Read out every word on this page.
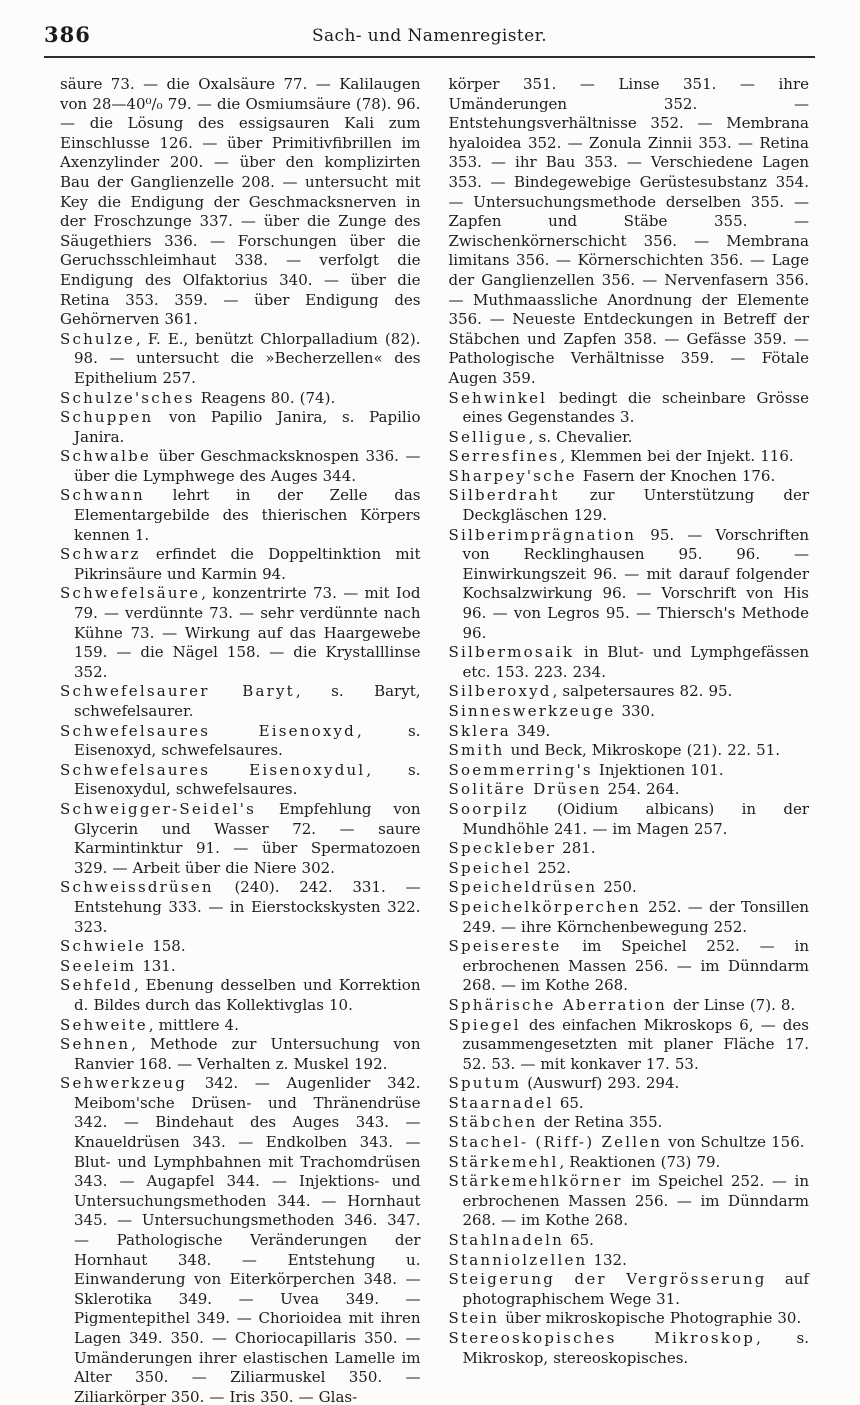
386	Sach- und Namenregister.

säure 73. — die Oxalsäure 77. — Kalilaugen von 28—40⁰/₀ 79. — die Osmiumsäure (78). 96. — die Lösung des essigsauren Kali zum Einschlusse 126. — über Primitivfibrillen im Axenzylinder 200. — über den komplizirten Bau der Ganglienzelle 208. — untersucht mit Key die Endigung der Geschmacksnerven in der Froschzunge 337. — über die Zunge des Säugethiers 336. — Forschungen über die Geruchsschleimhaut 338. — verfolgt die Endigung des Olfaktorius 340. — über die Retina 353. 359. — über Endigung des Gehörnerven 361.

Schulze, F. E., benützt Chlorpalladium (82). 98. — untersucht die »Becherzellen« des Epithelium 257.

Schulze'sches Reagens 80. (74).

Schuppen von Papilio Janira, s. Papilio Janira.

Schwalbe über Geschmacksknospen 336. — über die Lymphwege des Auges 344.

Schwann lehrt in der Zelle das Elementargebilde des thierischen Körpers kennen 1.

Schwarz erfindet die Doppeltinktion mit Pikrinsäure und Karmin 94.

Schwefelsäure, konzentrirte 73. — mit Iod 79. — verdünnte 73. — sehr verdünnte nach Kühne 73. — Wirkung auf das Haargewebe 159. — die Nägel 158. — die Krystalllinse 352.

Schwefelsaurer Baryt, s. Baryt, schwefelsaurer.

Schwefelsaures Eisenoxyd, s. Eisenoxyd, schwefelsaures.

Schwefelsaures Eisenoxydul, s. Eisenoxydul, schwefelsaures.

Schweigger-Seidel's Empfehlung von Glycerin und Wasser 72. — saure Karmintinktur 91. — über Spermatozoen 329. — Arbeit über die Niere 302.

Schweissdrüsen (240). 242. 331. — Entstehung 333. — in Eierstockskysten 322. 323.

Schwiele 158.

Seeleim 131.

Sehfeld, Ebenung desselben und Korrektion d. Bildes durch das Kollektivglas 10.

Sehweite, mittlere 4.

Sehnen, Methode zur Untersuchung von Ranvier 168. — Verhalten z. Muskel 192.

Sehwerkzeug 342. — Augenlider 342. Meibom'sche Drüsen- und Thränendrüse 342. — Bindehaut des Auges 343. — Knaueldrüsen 343. — Endkolben 343. — Blut- und Lymphbahnen mit Trachomdrüsen 343. — Augapfel 344. — Injektions- und Untersuchungsmethoden 344. — Hornhaut 345. — Untersuchungsmethoden 346. 347. — Pathologische Veränderungen der Hornhaut 348. — Entstehung u. Einwanderung von Eiterkörperchen 348. — Sklerotika 349. — Uvea 349. — Pigmentepithel 349. — Chorioidea mit ihren Lagen 349. 350. — Choriocapillaris 350. — Umänderungen ihrer elastischen Lamelle im Alter 350. — Ziliarmuskel 350. — Ziliarkörper 350. — Iris 350. — Glas-

körper 351. — Linse 351. — ihre Umänderungen 352. — Entstehungsverhältnisse 352. — Membrana hyaloidea 352. — Zonula Zinnii 353. — Retina 353. — ihr Bau 353. — Verschiedene Lagen 353. — Bindegewebige Gerüstesubstanz 354. — Untersuchungsmethode derselben 355. — Zapfen und Stäbe 355. — Zwischenkörnerschicht 356. — Membrana limitans 356. — Körnerschichten 356. — Lage der Ganglienzellen 356. — Nervenfasern 356. — Muthmaassliche Anordnung der Elemente 356. — Neueste Entdeckungen in Betreff der Stäbchen und Zapfen 358. — Gefässe 359. — Pathologische Verhältnisse 359. — Fötale Augen 359.

Sehwinkel bedingt die scheinbare Grösse eines Gegenstandes 3.

Selligue, s. Chevalier.

Serresfines, Klemmen bei der Injekt. 116.

Sharpey'sche Fasern der Knochen 176.

Silberdraht zur Unterstützung der Deckgläschen 129.

Silberimprägnation 95. — Vorschriften von Recklinghausen 95. 96. — Einwirkungszeit 96. — mit darauf folgender Kochsalzwirkung 96. — Vorschrift von His 96. — von Legros 95. — Thiersch's Methode 96.

Silbermosaik in Blut- und Lymphgefässen etc. 153. 223. 234.

Silberoxyd, salpetersaures 82. 95.

Sinneswerkzeuge 330.

Sklera 349.

Smith und Beck, Mikroskope (21). 22. 51.

Soemmerring's Injektionen 101.

Solitäre Drüsen 254. 264.

Soorpilz (Oidium albicans) in der Mundhöhle 241. — im Magen 257.

Speckleber 281.

Speichel 252.

Speicheldrüsen 250.

Speichelkörperchen 252. — der Tonsillen 249. — ihre Körnchenbewegung 252.

Speisereste im Speichel 252. — in erbrochenen Massen 256. — im Dünndarm 268. — im Kothe 268.

Sphärische Aberration der Linse (7). 8.

Spiegel des einfachen Mikroskops 6, — des zusammengesetzten mit planer Fläche 17. 52. 53. — mit konkaver 17. 53.

Sputum (Auswurf) 293. 294.

Staarnadel 65.

Stäbchen der Retina 355.

Stachel- (Riff-) Zellen von Schultze 156.

Stärkemehl, Reaktionen (73) 79.

Stärkemehlkörner im Speichel 252. — in erbrochenen Massen 256. — im Dünndarm 268. — im Kothe 268.

Stahlnadeln 65.

Stanniolzellen 132.

Steigerung der Vergrösserung auf photographischem Wege 31.

Stein über mikroskopische Photographie 30.

Stereoskopisches Mikroskop, s. Mikroskop, stereoskopisches.
